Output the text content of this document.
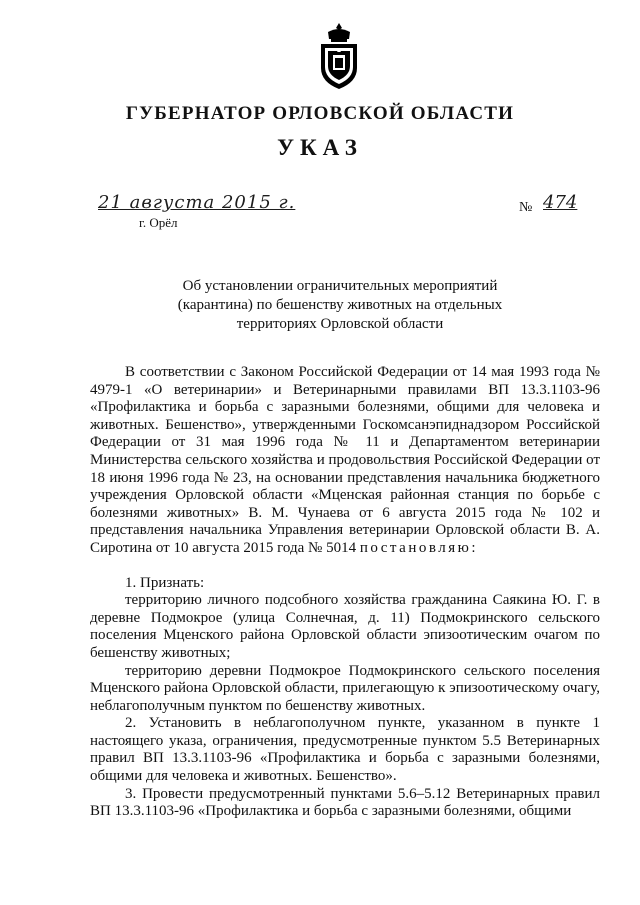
ГУБЕРНАТОР ОРЛОВСКОЙ ОБЛАСТИ
УКАЗ
21 августа 2015 г.
г. Орёл
№ 474
Об установлении ограничительных мероприятий
(карантина) по бешенству животных на отдельных
территориях Орловской области

В соответствии с Законом Российской Федерации от 14 мая 1993 года № 4979-1 «О ветеринарии» и Ветеринарными правилами ВП 13.3.1103-96 «Профилактика и борьба с заразными болезнями, общими для человека и животных. Бешенство», утвержденными Госкомсанэпиднадзором Российской Федерации от 31 мая 1996 года № 11 и Департаментом ветеринарии Министерства сельского хозяйства и продовольствия Российской Федерации от 18 июня 1996 года № 23, на основании представления начальника бюджетного учреждения Орловской области «Мценская районная станция по борьбе с болезнями животных» В. М. Чунаева от 6 августа 2015 года № 102 и представления начальника Управления ветеринарии Орловской области В. А. Сиротина от 10 августа 2015 года № 5014 постановляю:

1. Признать:

территорию личного подсобного хозяйства гражданина Саякина Ю. Г. в деревне Подмокрое (улица Солнечная, д. 11) Подмокринского сельского поселения Мценского района Орловской области эпизоотическим очагом по бешенству животных;

территорию деревни Подмокрое Подмокринского сельского поселения Мценского района Орловской области, прилегающую к эпизоотическому очагу, неблагополучным пунктом по бешенству животных.

2. Установить в неблагополучном пункте, указанном в пункте 1 настоящего указа, ограничения, предусмотренные пунктом 5.5 Ветеринарных правил ВП 13.3.1103-96 «Профилактика и борьба с заразными болезнями, общими для человека и животных. Бешенство».

3. Провести предусмотренный пунктами 5.6–5.12 Ветеринарных правил ВП 13.3.1103-96 «Профилактика и борьба с заразными болезнями, общими
